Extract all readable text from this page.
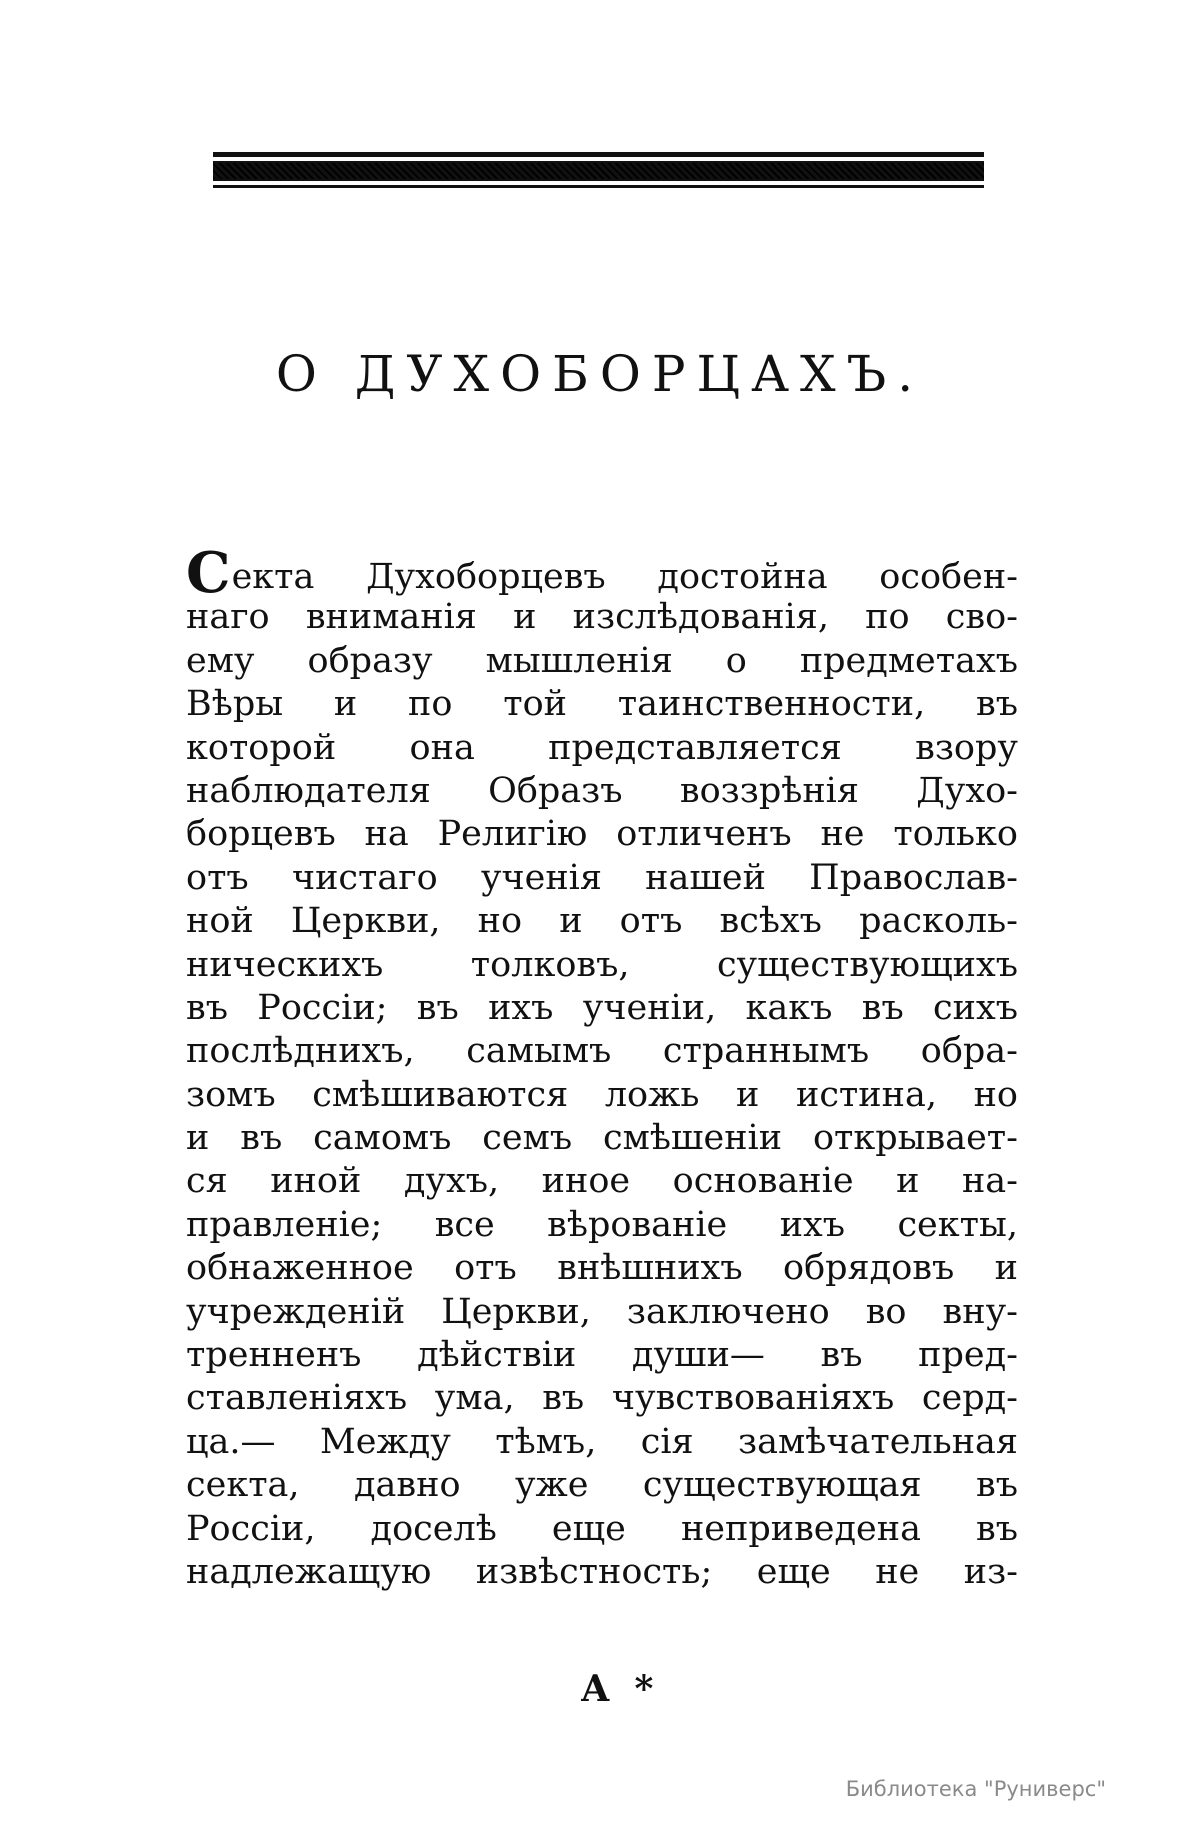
О ДУХОБОРЦАХЪ.
Секта Духоборцевъ достойна особен-
наго вниманія и изслѣдованія, по сво-
ему образу мышленія о предметахъ
Вѣры и по той таинственности, въ
которой она представляется взору
наблюдателя Образъ воззрѣнія Духо-
борцевъ на Религію отличенъ не только
отъ чистаго ученія нашей Православ-
ной Церкви, но и отъ всѣхъ расколь-
ническихъ толковъ, существующихъ
въ Россіи; въ ихъ ученіи, какъ въ сихъ
послѣднихъ, самымъ страннымъ обра-
зомъ смѣшиваются ложь и истина, но
и въ самомъ семъ смѣшеніи открывает-
ся иной духъ, иное основаніе и на-
правленіе; все вѣрованіе ихъ секты,
обнаженное отъ внѣшнихъ обрядовъ и
учрежденій Церкви, заключено во вну-
тренненъ дѣйствіи души— въ пред-
ставленіяхъ ума, въ чувствованіяхъ серд-
ца.— Между тѣмъ, сія замѣчательная
секта, давно уже существующая въ
Россіи, доселѣ еще неприведена въ
надлежащую извѣстность; еще не из-
А *
Библиотека "Руниверс"
